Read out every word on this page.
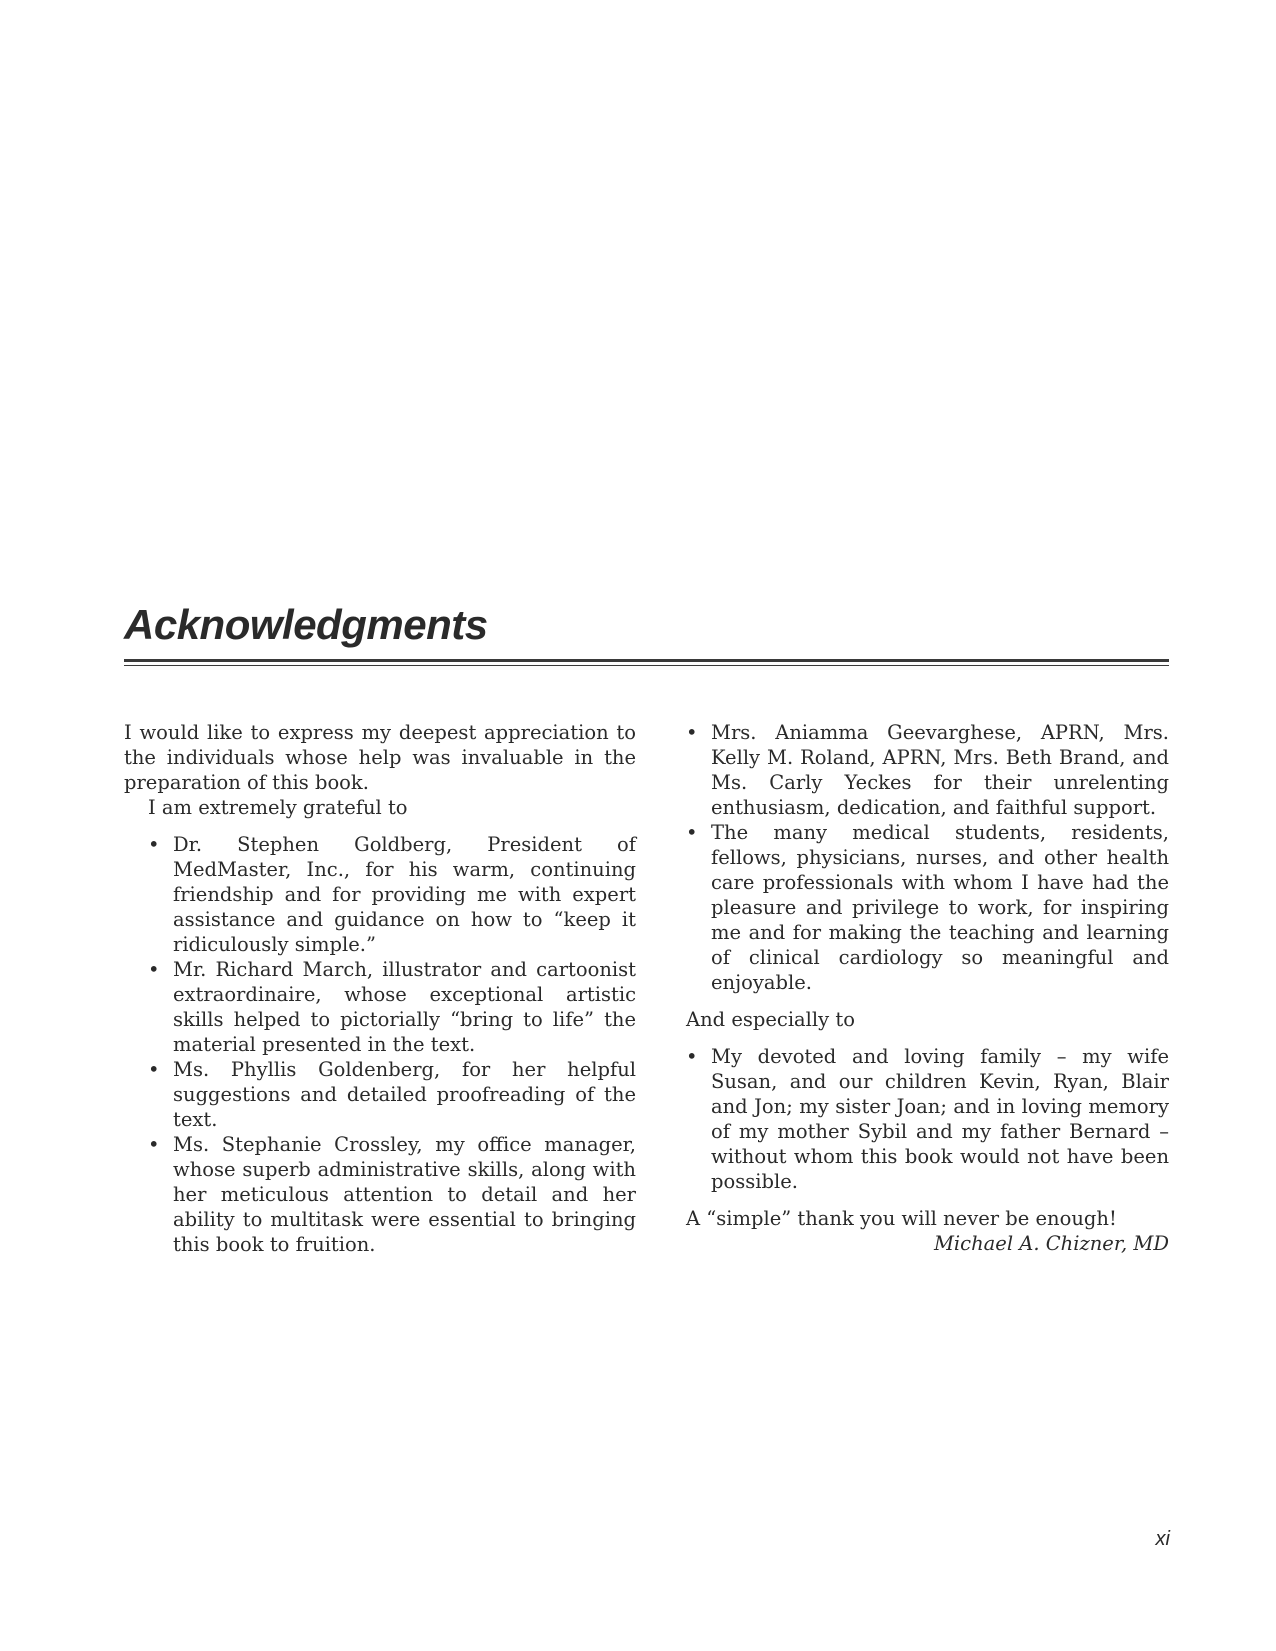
Acknowledgments

I would like to express my deepest appreciation to the individuals whose help was invaluable in the preparation of this book.

I am extremely grateful to

• Dr. Stephen Goldberg, President of MedMaster, Inc., for his warm, continuing friendship and for providing me with expert assistance and guidance on how to “keep it ridiculously simple.”
• Mr. Richard March, illustrator and cartoonist extraordinaire, whose exceptional artistic skills helped to pictorially “bring to life” the material presented in the text.
• Ms. Phyllis Goldenberg, for her helpful suggestions and detailed proofreading of the text.
• Ms. Stephanie Crossley, my office manager, whose superb administrative skills, along with her meticulous attention to detail and her ability to multitask were essential to bringing this book to fruition.
• Mrs. Aniamma Geevarghese, APRN, Mrs. Kelly M. Roland, APRN, Mrs. Beth Brand, and Ms. Carly Yeckes for their unrelenting enthusiasm, dedication, and faithful support.
• The many medical students, residents, fellows, physicians, nurses, and other health care professionals with whom I have had the pleasure and privilege to work, for inspiring me and for making the teaching and learning of clinical cardiology so meaningful and enjoyable.

And especially to

• My devoted and loving family – my wife Susan, and our children Kevin, Ryan, Blair and Jon; my sister Joan; and in loving memory of my mother Sybil and my father Bernard – without whom this book would not have been possible.

A “simple” thank you will never be enough!

Michael A. Chizner, MD

xi
